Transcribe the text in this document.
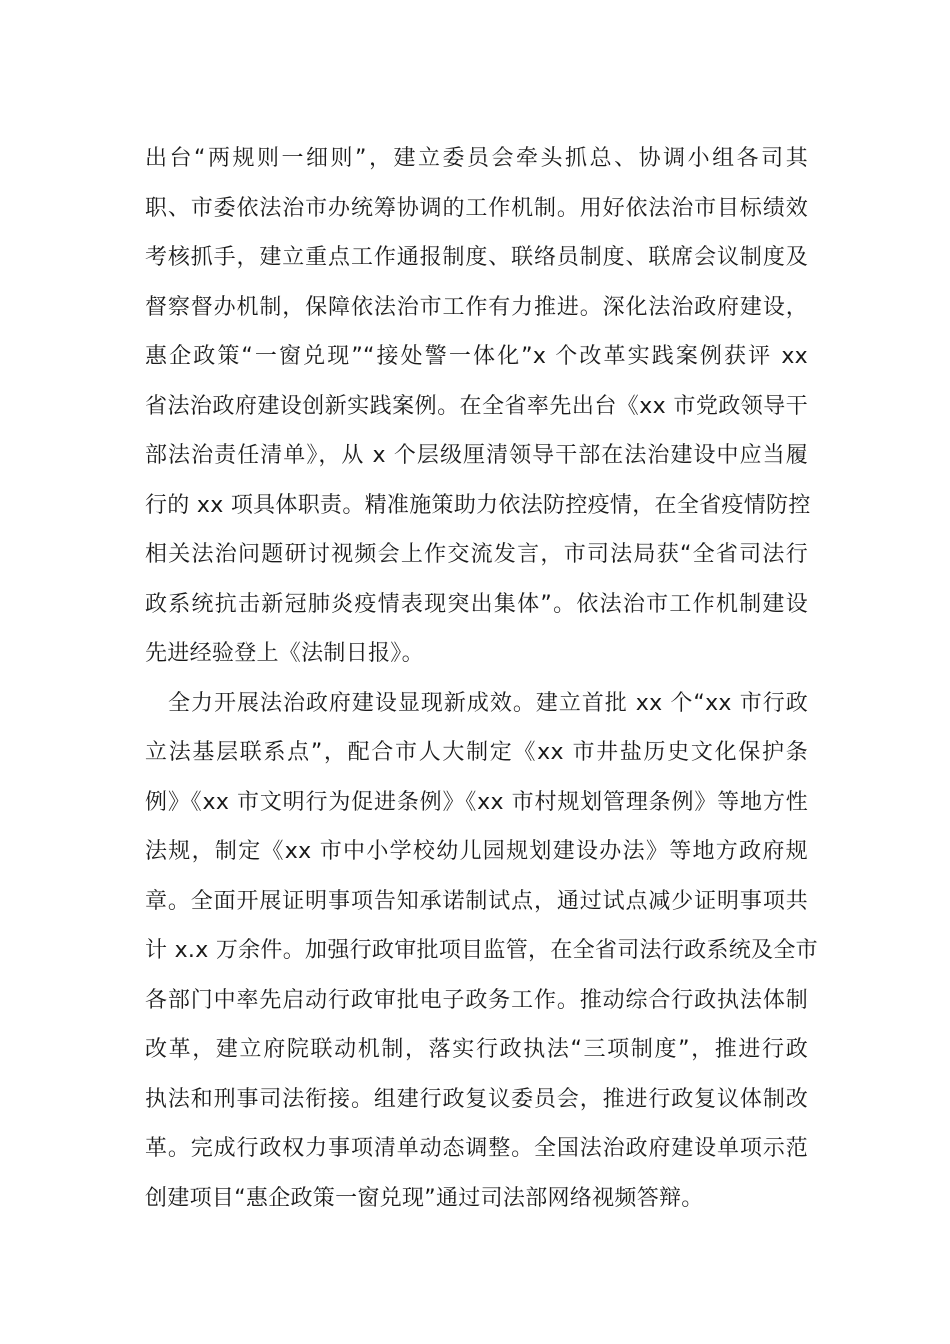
出台“两规则一细则”，建立委员会牵头抓总、协调小组各司其
职、市委依法治市办统筹协调的工作机制。用好依法治市目标绩效
考核抓手，建立重点工作通报制度、联络员制度、联席会议制度及
督察督办机制，保障依法治市工作有力推进。深化法治政府建设，
惠企政策“一窗兑现”“接处警一体化”x 个改革实践案例获评 xx
省法治政府建设创新实践案例。在全省率先出台《xx 市党政领导干
部法治责任清单》，从 x 个层级厘清领导干部在法治建设中应当履
行的 xx 项具体职责。精准施策助力依法防控疫情，在全省疫情防控
相关法治问题研讨视频会上作交流发言，市司法局获“全省司法行
政系统抗击新冠肺炎疫情表现突出集体”。依法治市工作机制建设
先进经验登上《法制日报》。
　全力开展法治政府建设显现新成效。建立首批 xx 个“xx 市行政
立法基层联系点”，配合市人大制定《xx 市井盐历史文化保护条
例》《xx 市文明行为促进条例》《xx 市村规划管理条例》等地方性
法规，制定《xx 市中小学校幼儿园规划建设办法》等地方政府规
章。全面开展证明事项告知承诺制试点，通过试点减少证明事项共
计 x.x 万余件。加强行政审批项目监管，在全省司法行政系统及全市
各部门中率先启动行政审批电子政务工作。推动综合行政执法体制
改革，建立府院联动机制，落实行政执法“三项制度”，推进行政
执法和刑事司法衔接。组建行政复议委员会，推进行政复议体制改
革。完成行政权力事项清单动态调整。全国法治政府建设单项示范
创建项目“惠企政策一窗兑现”通过司法部网络视频答辩。
